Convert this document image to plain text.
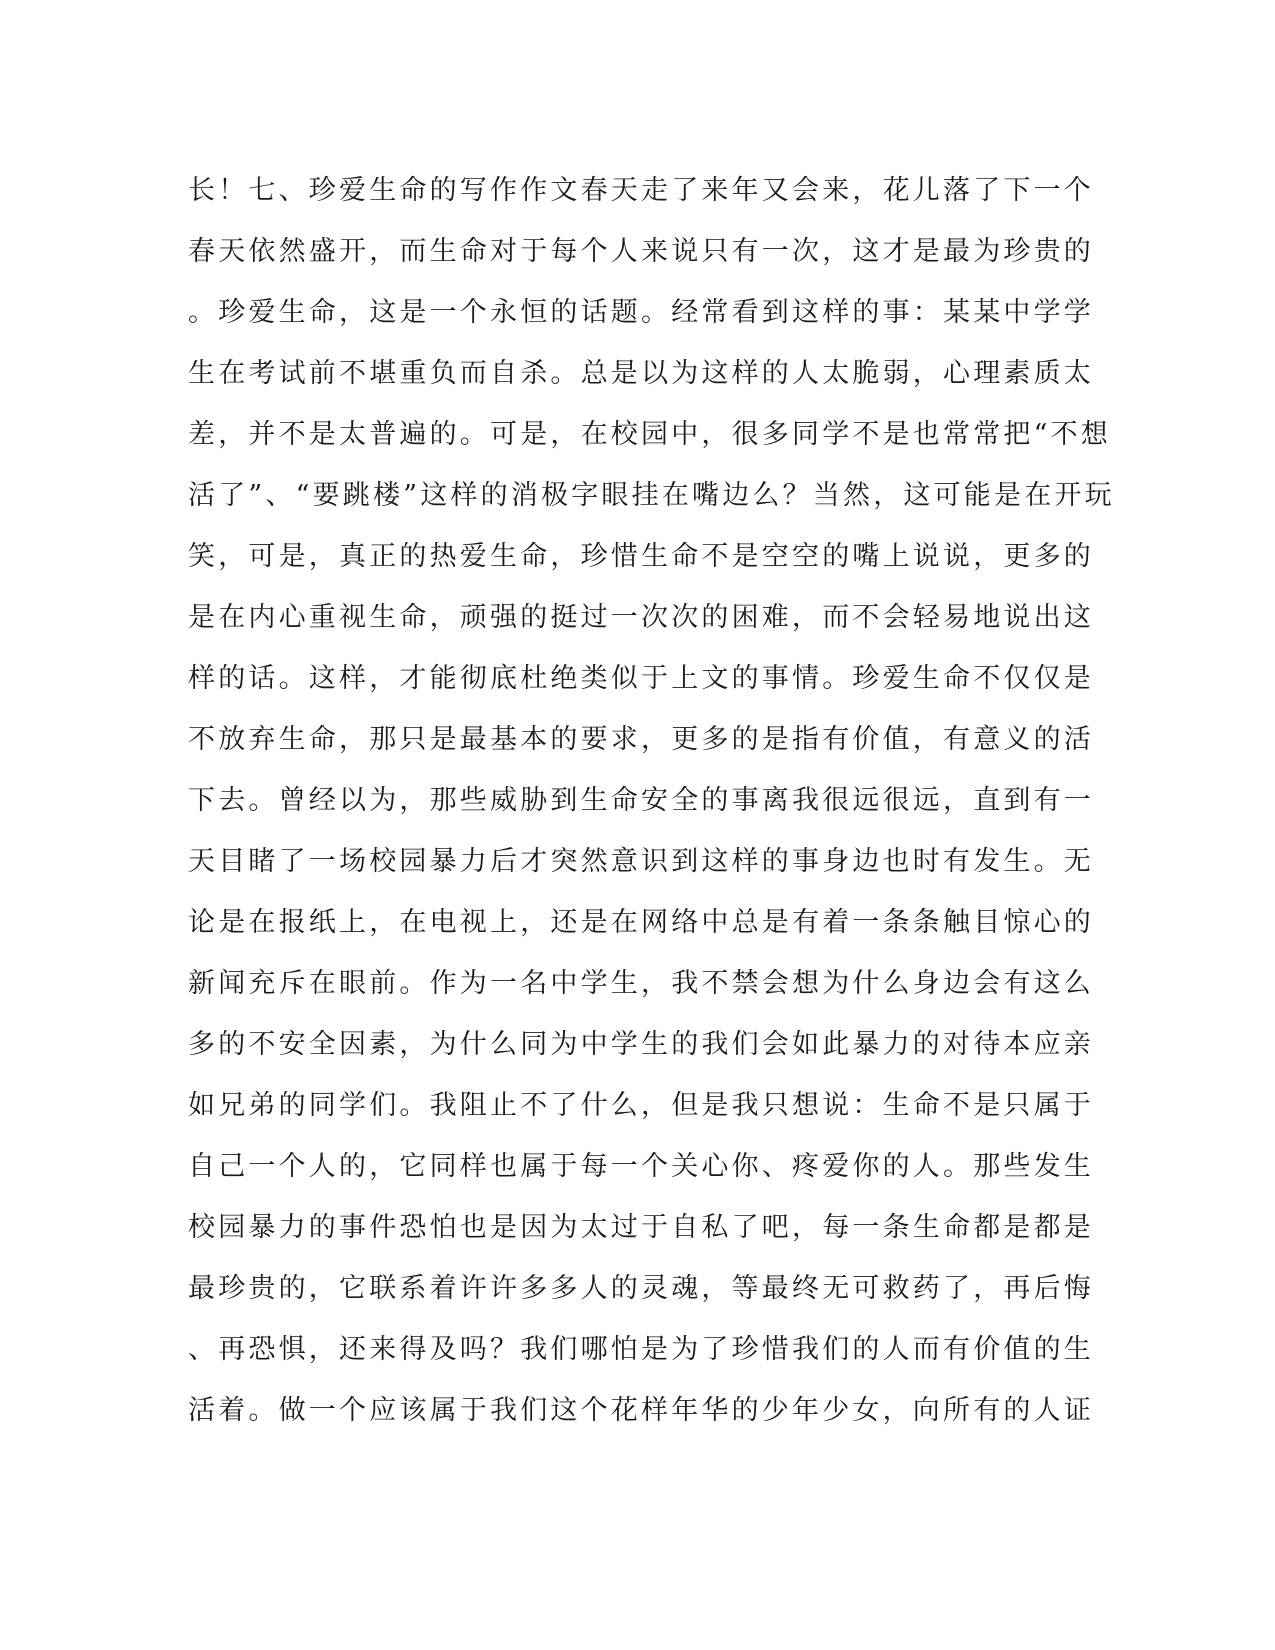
长！七、珍爱生命的写作作文春天走了来年又会来，花儿落了下一个
春天依然盛开，而生命对于每个人来说只有一次，这才是最为珍贵的
。珍爱生命，这是一个永恒的话题。经常看到这样的事：某某中学学
生在考试前不堪重负而自杀。总是以为这样的人太脆弱，心理素质太
差，并不是太普遍的。可是，在校园中，很多同学不是也常常把“不想
活了”、“要跳楼”这样的消极字眼挂在嘴边么？当然，这可能是在开玩
笑，可是，真正的热爱生命，珍惜生命不是空空的嘴上说说，更多的
是在内心重视生命，顽强的挺过一次次的困难，而不会轻易地说出这
样的话。这样，才能彻底杜绝类似于上文的事情。珍爱生命不仅仅是
不放弃生命，那只是最基本的要求，更多的是指有价值，有意义的活
下去。曾经以为，那些威胁到生命安全的事离我很远很远，直到有一
天目睹了一场校园暴力后才突然意识到这样的事身边也时有发生。无
论是在报纸上，在电视上，还是在网络中总是有着一条条触目惊心的
新闻充斥在眼前。作为一名中学生，我不禁会想为什么身边会有这么
多的不安全因素，为什么同为中学生的我们会如此暴力的对待本应亲
如兄弟的同学们。我阻止不了什么，但是我只想说：生命不是只属于
自己一个人的，它同样也属于每一个关心你、疼爱你的人。那些发生
校园暴力的事件恐怕也是因为太过于自私了吧，每一条生命都是都是
最珍贵的，它联系着许许多多人的灵魂，等最终无可救药了，再后悔
、再恐惧，还来得及吗？我们哪怕是为了珍惜我们的人而有价值的生
活着。做一个应该属于我们这个花样年华的少年少女，向所有的人证
